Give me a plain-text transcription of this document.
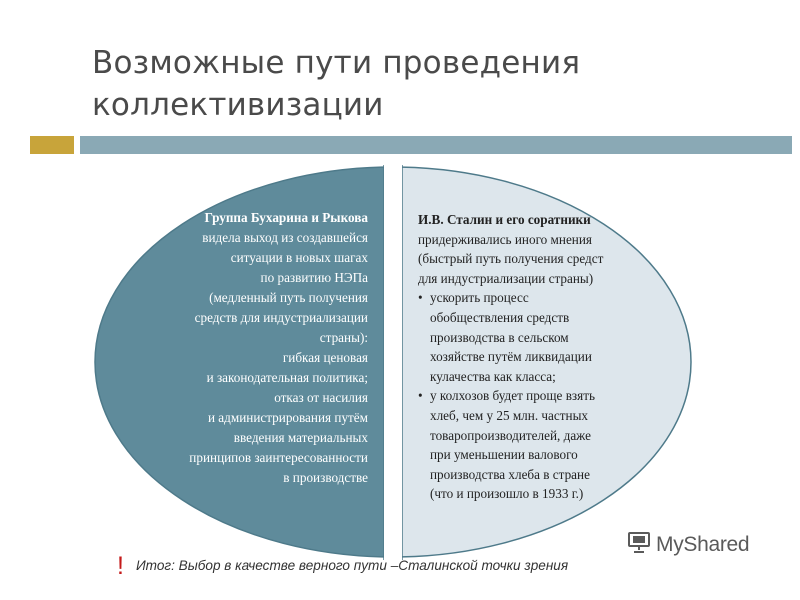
Возможные пути проведения
коллективизации
Группа Бухарина и Рыкова
видела выход из создавшейся
ситуации в новых шагах
по развитию НЭПа
(медленный путь получения
средств для индустриализации
страны):
гибкая ценовая
и законодательная политика;
отказ от насилия
и администрирования путём
введения материальных
принципов заинтересованности
в производстве
И.В. Сталин и его соратники
придерживались иного мнения
(быстрый путь получения средст
для индустриализации страны)
• ускорить процесс
обобществления средств
производства в сельском
хозяйстве путём ликвидации
кулачества как класса;
• у колхозов будет проще взять
хлеб, чем у 25 млн. частных
товаропроизводителей, даже
при уменьшении валового
производства хлеба в стране
(что и произошло в 1933 г.)
! Итог: Выбор в качестве верного пути –Сталинской точки зрения
MyShared
